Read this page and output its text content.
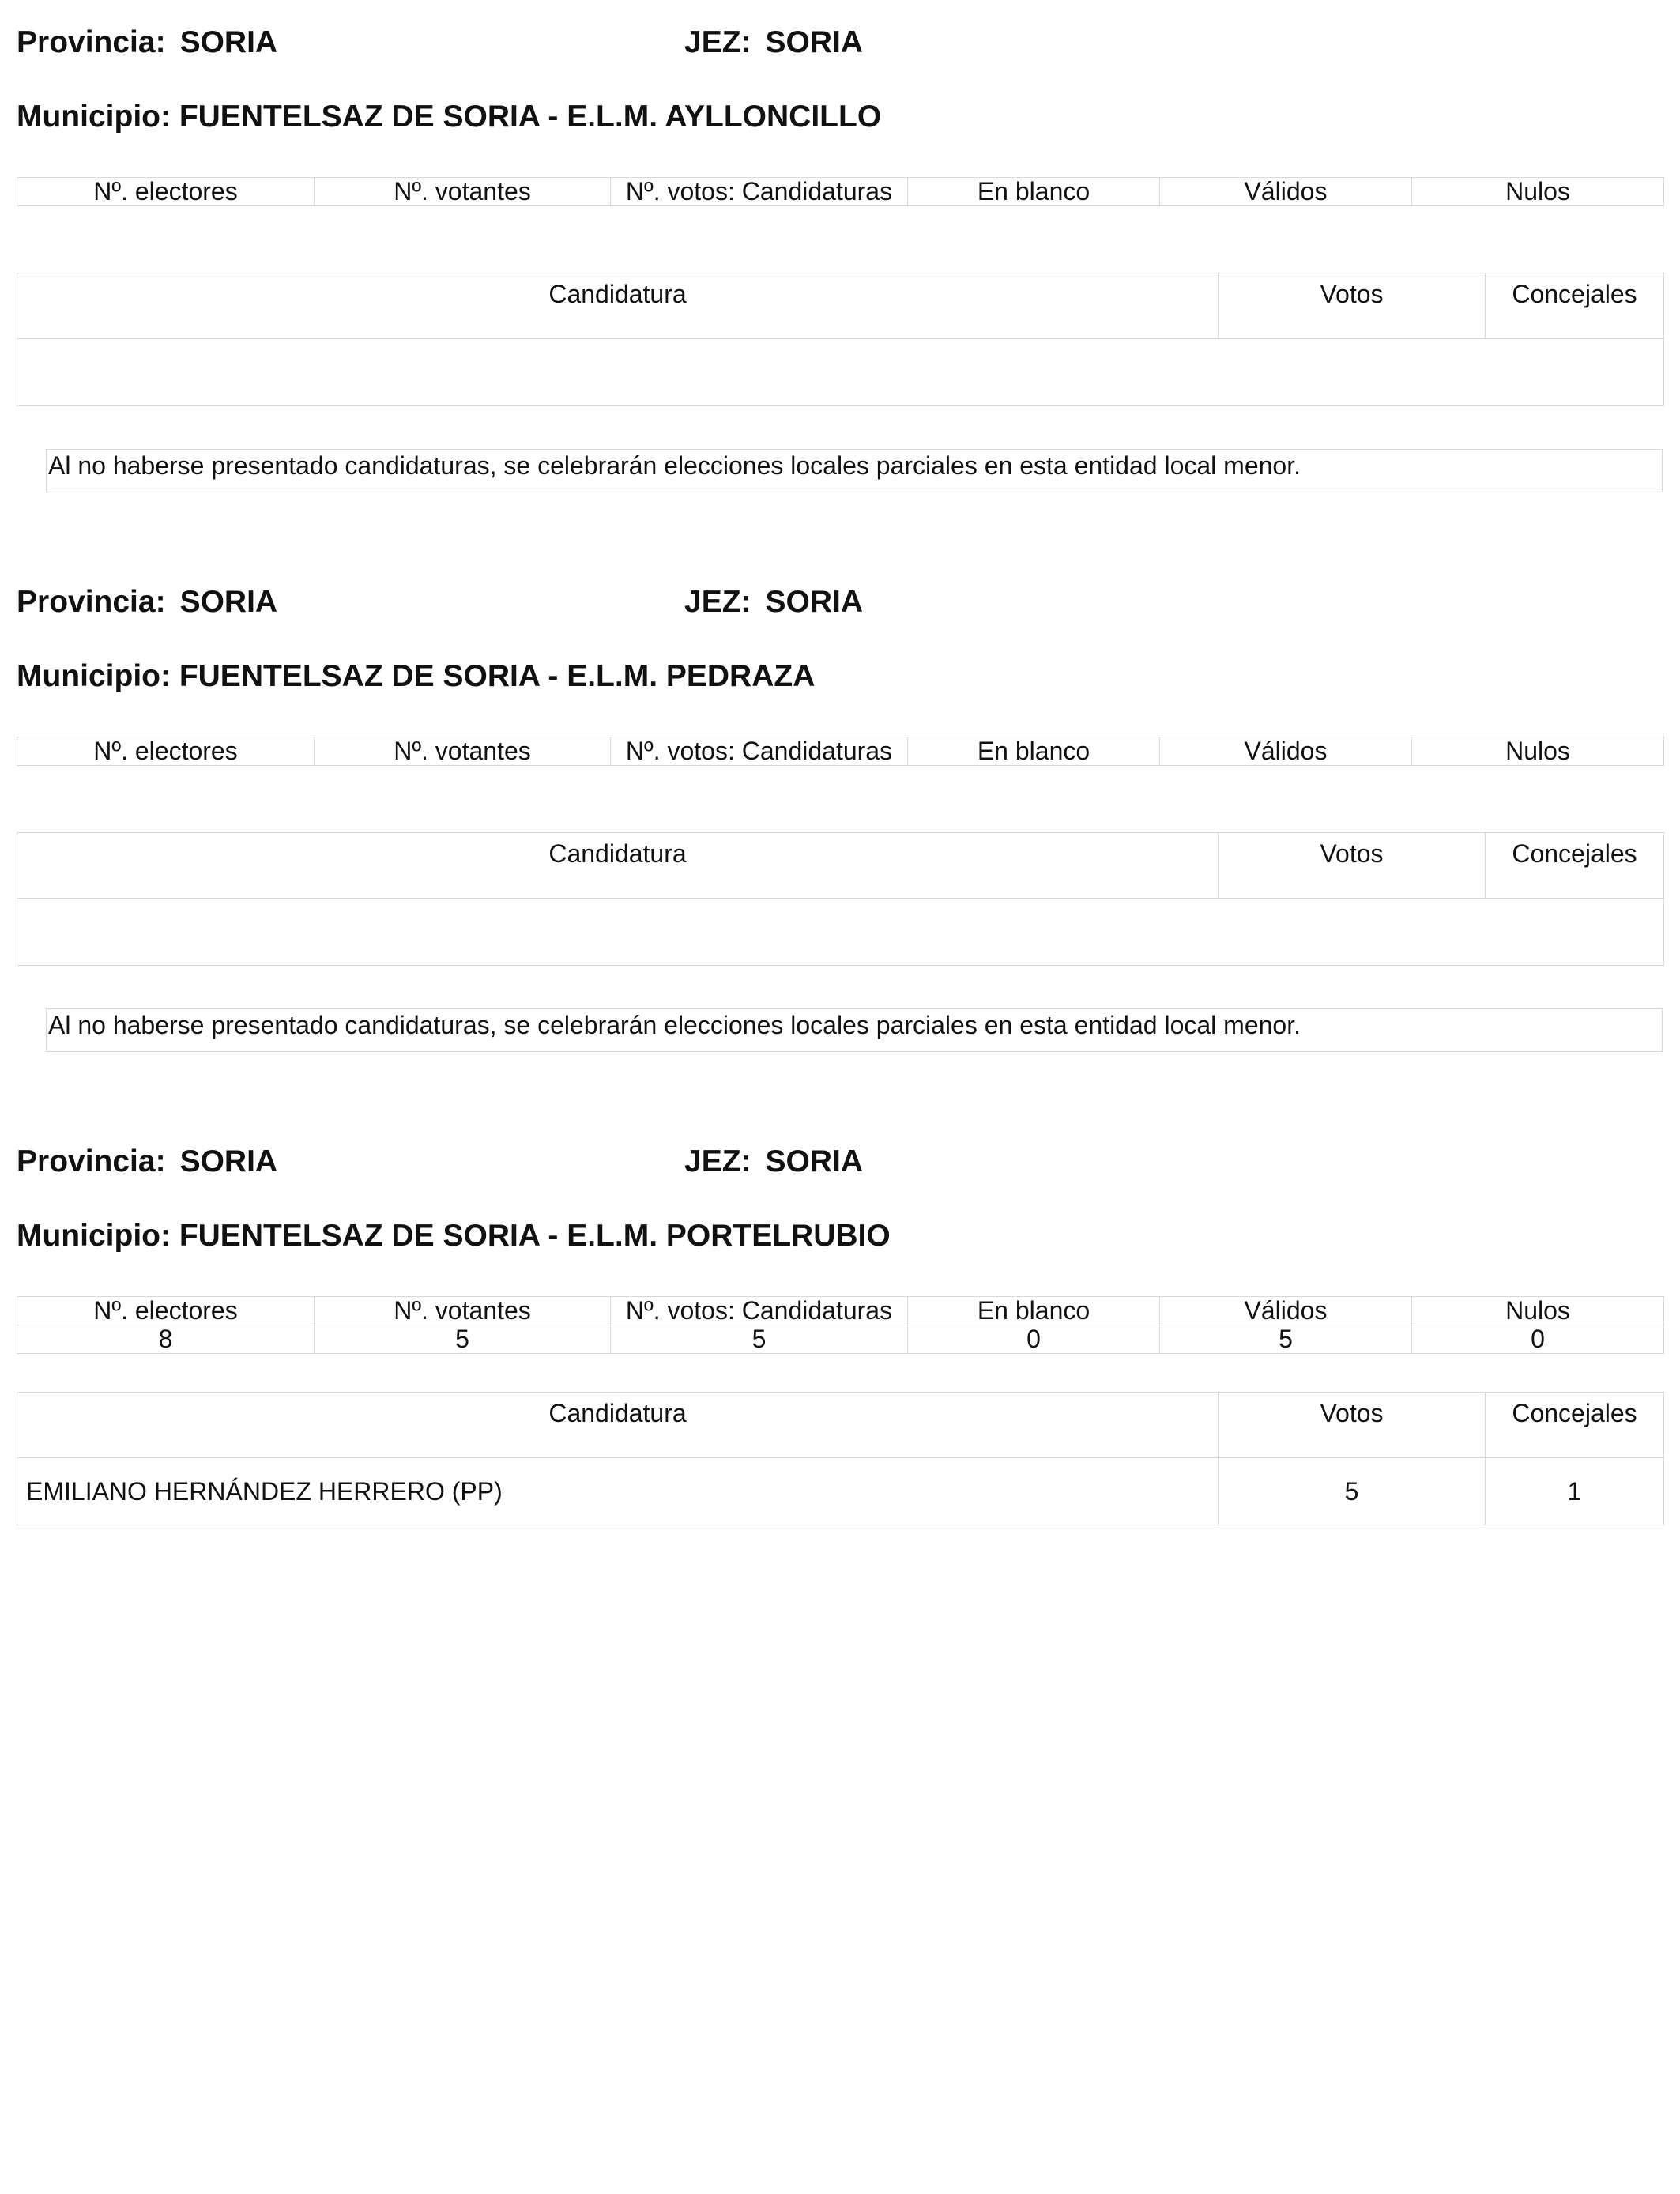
Provincia: SORIA	JEZ: SORIA
Municipio: FUENTELSAZ DE SORIA - E.L.M. AYLLONCILLO
Nº. electores	Nº. votantes	Nº. votos: Candidaturas	En blanco	Válidos	Nulos
Candidatura	Votos	Concejales

Al no haberse presentado candidaturas, se celebrarán elecciones locales parciales en esta entidad local menor.
Provincia: SORIA	JEZ: SORIA
Municipio: FUENTELSAZ DE SORIA - E.L.M. PEDRAZA
Nº. electores	Nº. votantes	Nº. votos: Candidaturas	En blanco	Válidos	Nulos
Candidatura	Votos	Concejales

Al no haberse presentado candidaturas, se celebrarán elecciones locales parciales en esta entidad local menor.
Provincia: SORIA	JEZ: SORIA
Municipio: FUENTELSAZ DE SORIA - E.L.M. PORTELRUBIO
Nº. electores	Nº. votantes	Nº. votos: Candidaturas	En blanco	Válidos	Nulos
8	5	5	0	5	0
Candidatura	Votos	Concejales
EMILIANO HERNÁNDEZ HERRERO (PP)	5	1
